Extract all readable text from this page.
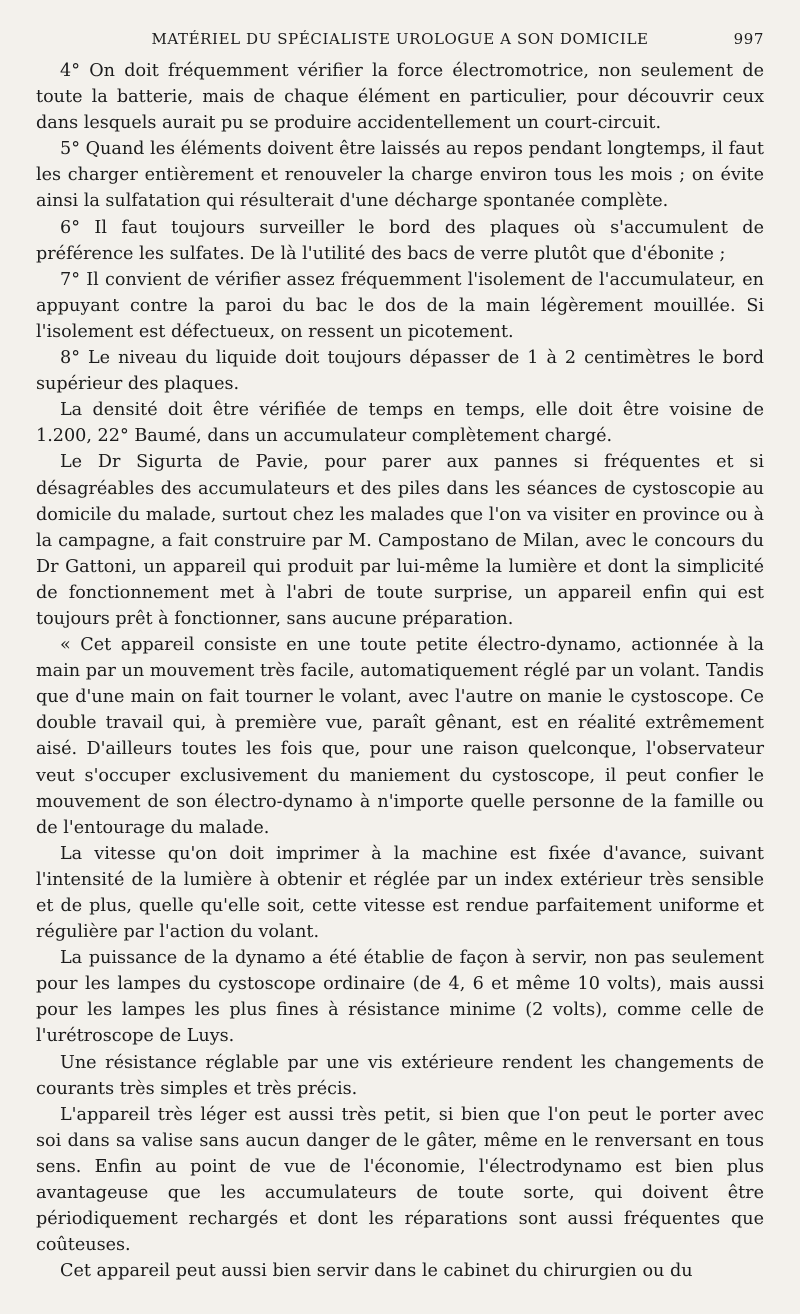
MATÉRIEL DU SPÉCIALISTE UROLOGUE A SON DOMICILE	997

4° On doit fréquemment vérifier la force électromotrice, non seulement de toute la batterie, mais de chaque élément en particulier, pour découvrir ceux dans lesquels aurait pu se produire accidentellement un court-circuit.

5° Quand les éléments doivent être laissés au repos pendant longtemps, il faut les charger entièrement et renouveler la charge environ tous les mois ; on évite ainsi la sulfatation qui résulterait d'une décharge spontanée complète.

6° Il faut toujours surveiller le bord des plaques où s'accumulent de préférence les sulfates. De là l'utilité des bacs de verre plutôt que d'ébonite ;

7° Il convient de vérifier assez fréquemment l'isolement de l'accumulateur, en appuyant contre la paroi du bac le dos de la main légèrement mouillée. Si l'isolement est défectueux, on ressent un picotement.

8° Le niveau du liquide doit toujours dépasser de 1 à 2 centimètres le bord supérieur des plaques.

La densité doit être vérifiée de temps en temps, elle doit être voisine de 1.200, 22° Baumé, dans un accumulateur complètement chargé.

Le Dr Sigurta de Pavie, pour parer aux pannes si fréquentes et si désagréables des accumulateurs et des piles dans les séances de cystoscopie au domicile du malade, surtout chez les malades que l'on va visiter en province ou à la campagne, a fait construire par M. Campostano de Milan, avec le concours du Dr Gattoni, un appareil qui produit par lui-même la lumière et dont la simplicité de fonctionnement met à l'abri de toute surprise, un appareil enfin qui est toujours prêt à fonctionner, sans aucune préparation.

« Cet appareil consiste en une toute petite électro-dynamo, actionnée à la main par un mouvement très facile, automatiquement réglé par un volant. Tandis que d'une main on fait tourner le volant, avec l'autre on manie le cystoscope. Ce double travail qui, à première vue, paraît gênant, est en réalité extrêmement aisé. D'ailleurs toutes les fois que, pour une raison quelconque, l'observateur veut s'occuper exclusivement du maniement du cystoscope, il peut confier le mouvement de son électro-dynamo à n'importe quelle personne de la famille ou de l'entourage du malade.

La vitesse qu'on doit imprimer à la machine est fixée d'avance, suivant l'intensité de la lumière à obtenir et réglée par un index extérieur très sensible et de plus, quelle qu'elle soit, cette vitesse est rendue parfaitement uniforme et régulière par l'action du volant.

La puissance de la dynamo a été établie de façon à servir, non pas seulement pour les lampes du cystoscope ordinaire (de 4, 6 et même 10 volts), mais aussi pour les lampes les plus fines à résistance minime (2 volts), comme celle de l'urétroscope de Luys.

Une résistance réglable par une vis extérieure rendent les changements de courants très simples et très précis.

L'appareil très léger est aussi très petit, si bien que l'on peut le porter avec soi dans sa valise sans aucun danger de le gâter, même en le renversant en tous sens. Enfin au point de vue de l'économie, l'électrodynamo est bien plus avantageuse que les accumulateurs de toute sorte, qui doivent être périodiquement rechargés et dont les réparations sont aussi fréquentes que coûteuses.

Cet appareil peut aussi bien servir dans le cabinet du chirurgien ou du
